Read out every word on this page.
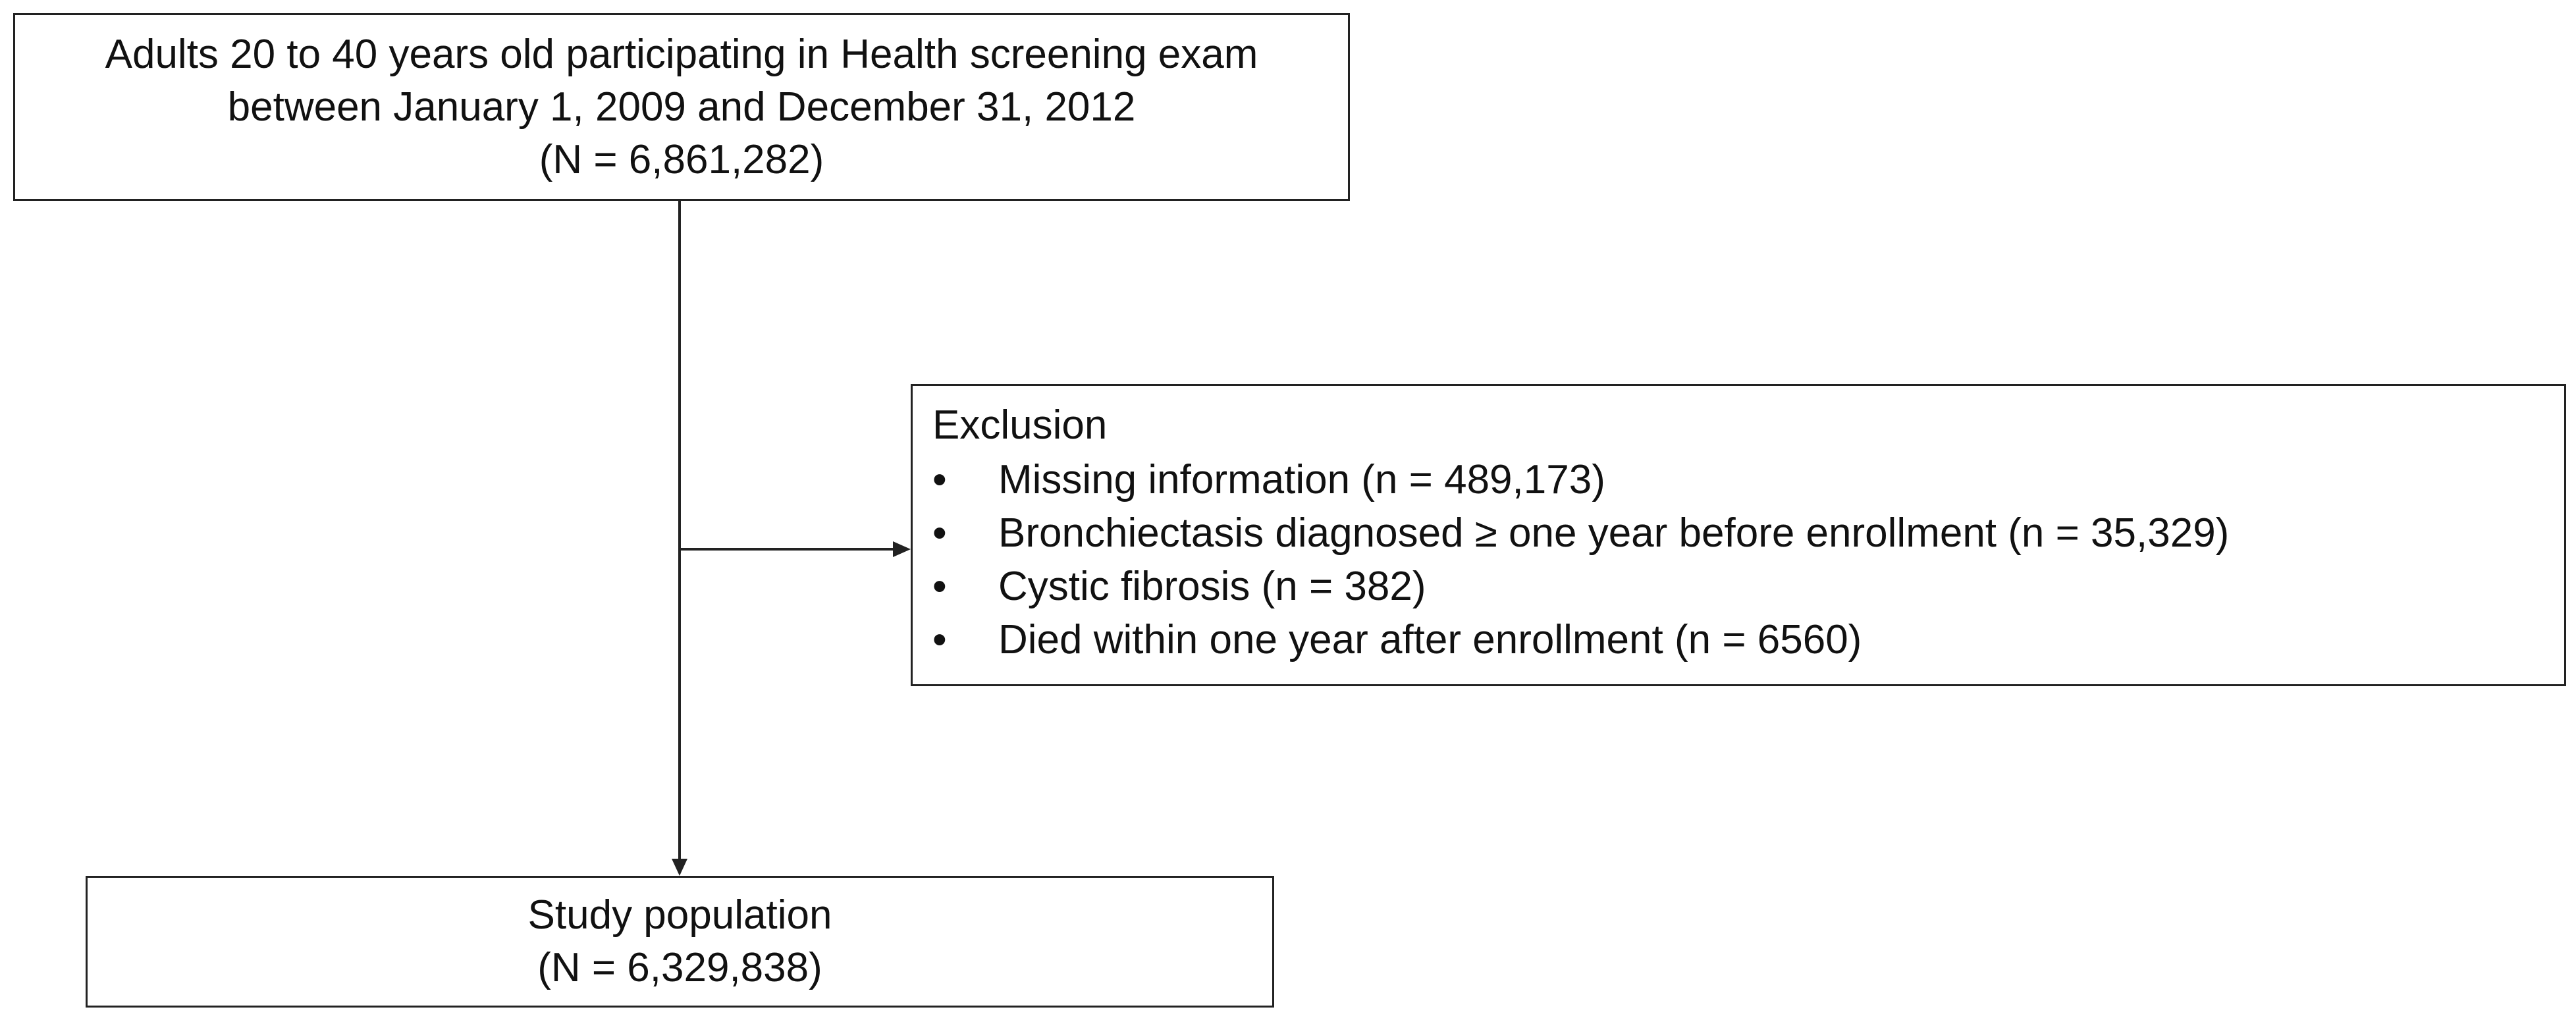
Adults 20 to 40 years old participating in Health screening exam
between January 1, 2009 and December 31, 2012
(N = 6,861,282)
Exclusion
• Missing information (n = 489,173)
• Bronchiectasis diagnosed ≥ one year before enrollment (n = 35,329)
• Cystic fibrosis (n = 382)
• Died within one year after enrollment (n = 6560)
Study population
(N = 6,329,838)
